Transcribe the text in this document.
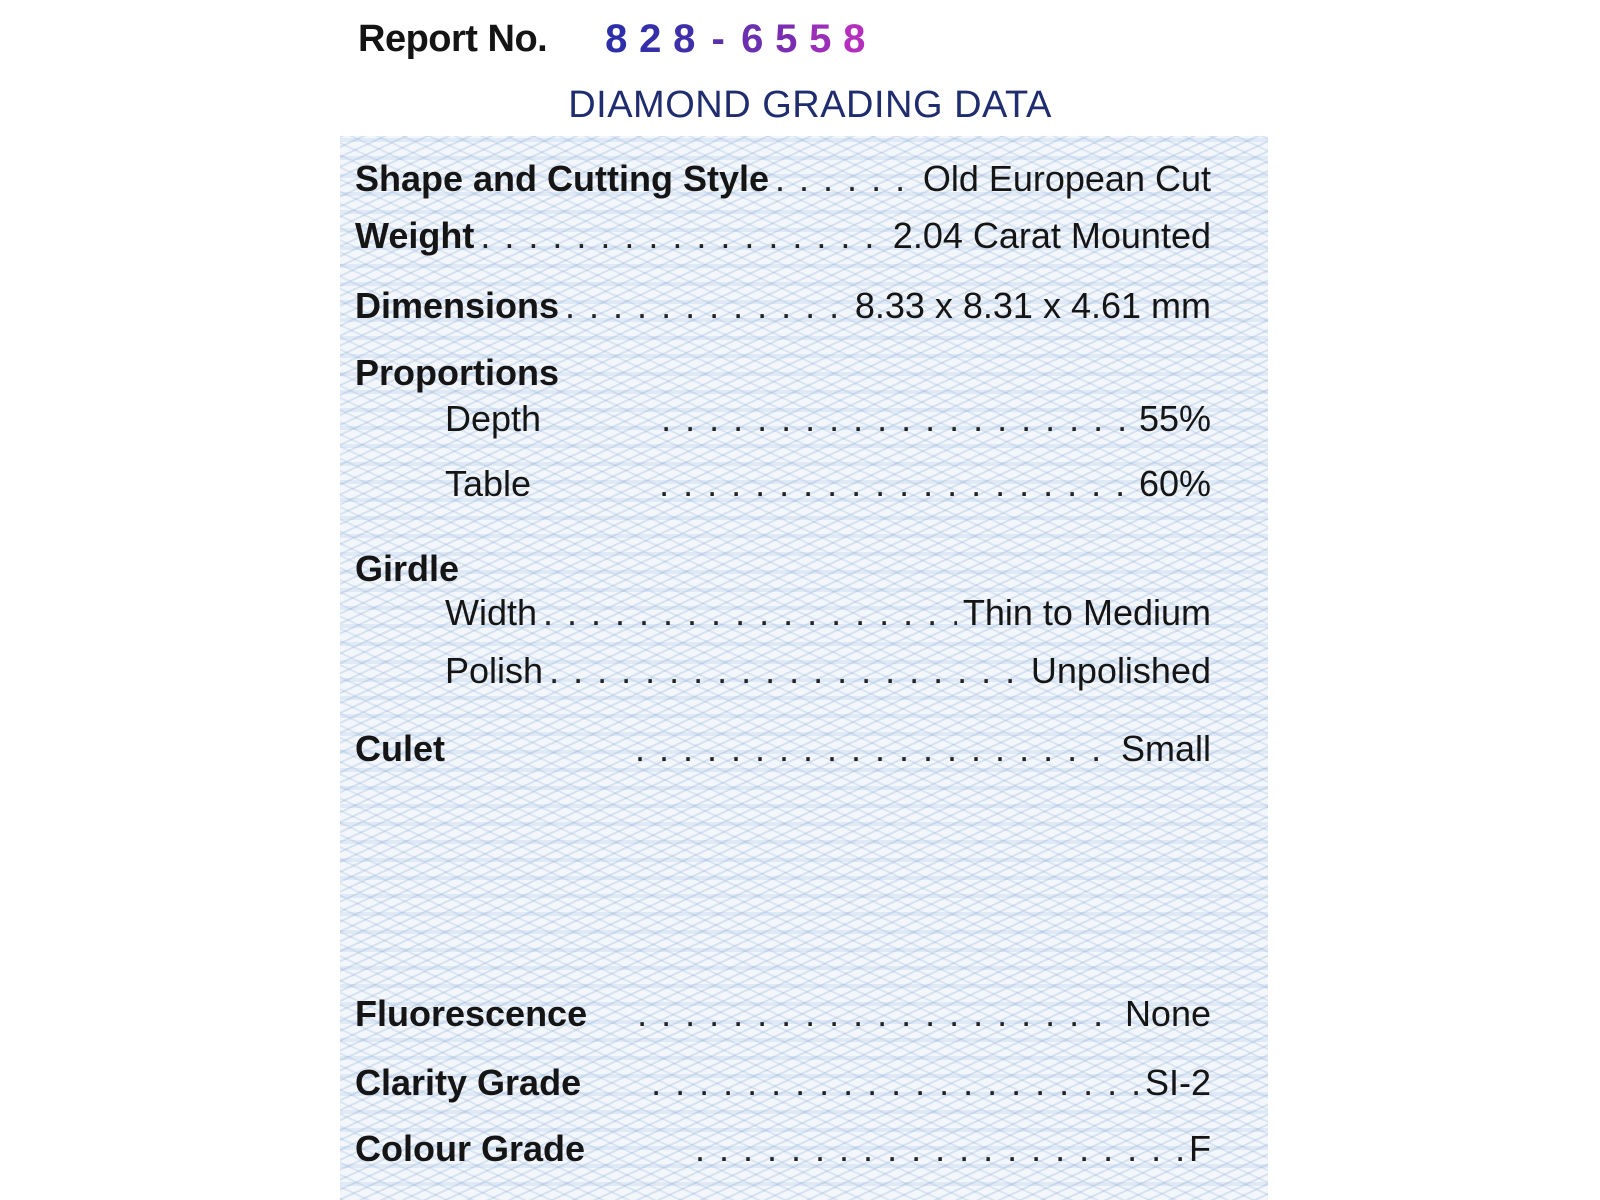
Report No. 8 2 8 - 6 5 5 8
DIAMOND GRADING DATA
Shape and Cutting Style . . .	Old European Cut
Weight . . .	2.04 Carat Mounted
Dimensions . . .	8.33 x 8.31 x 4.61 mm
Proportions
Depth . . .	55%
Table . . .	60%
Girdle
Width . . .	Thin to Medium
Polish . . .	Unpolished
Culet . . .	Small
Fluorescence . . .	None
Clarity Grade . . .	SI-2
Colour Grade . . .	F
